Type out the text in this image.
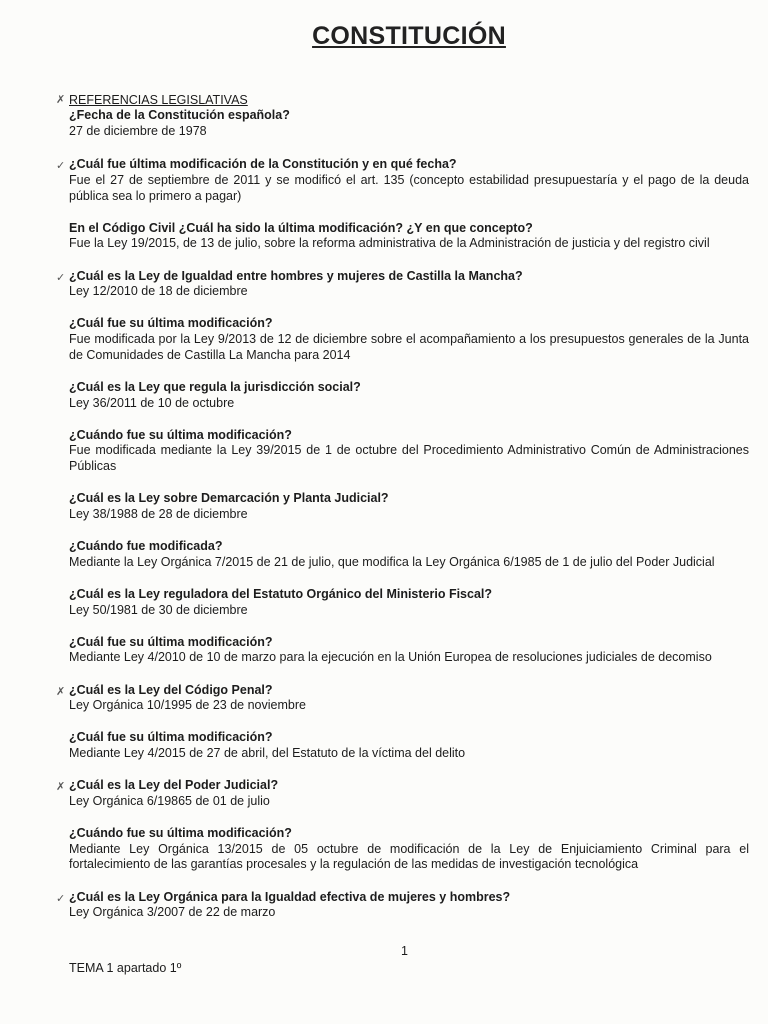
CONSTITUCIÓN
✗ REFERENCIAS LEGISLATIVAS
¿Fecha de la Constitución española?
27 de diciembre de 1978
✓ ¿Cuál fue última modificación de la Constitución y en qué fecha?
Fue el 27 de septiembre de 2011 y se modificó el art. 135 (concepto estabilidad presupuestaría y el pago de la deuda pública sea lo primero a pagar)
En el Código Civil ¿Cuál ha sido la última modificación? ¿Y en que concepto?
Fue la Ley 19/2015, de 13 de julio, sobre la reforma administrativa de la Administración de justicia y del registro civil
✓ ¿Cuál es la Ley de Igualdad entre hombres y mujeres de Castilla la Mancha?
Ley 12/2010 de 18 de diciembre
¿Cuál fue su última modificación?
Fue modificada por la Ley 9/2013 de 12 de diciembre sobre el acompañamiento a los presupuestos generales de la Junta de Comunidades de Castilla La Mancha para 2014
¿Cuál es la Ley que regula la jurisdicción social?
Ley 36/2011 de 10 de octubre
¿Cuándo fue su última modificación?
Fue modificada mediante la Ley 39/2015 de 1 de octubre del Procedimiento Administrativo Común de Administraciones Públicas
¿Cuál es la Ley sobre Demarcación y Planta Judicial?
Ley 38/1988 de 28 de diciembre
¿Cuándo fue modificada?
Mediante la Ley Orgánica 7/2015 de 21 de julio, que modifica la Ley Orgánica 6/1985 de 1 de julio del Poder Judicial
¿Cuál es la Ley reguladora del Estatuto Orgánico del Ministerio Fiscal?
Ley 50/1981 de 30 de diciembre
¿Cuál fue su última modificación?
Mediante Ley 4/2010 de 10 de marzo para la ejecución en la Unión Europea de resoluciones judiciales de decomiso
✗ ¿Cuál es la Ley del Código Penal?
Ley Orgánica 10/1995 de 23 de noviembre
¿Cuál fue su última modificación?
Mediante Ley 4/2015 de 27 de abril, del Estatuto de la víctima del delito
✗ ¿Cuál es la Ley del Poder Judicial?
Ley Orgánica 6/19865 de 01 de julio
¿Cuándo fue su última modificación?
Mediante Ley Orgánica 13/2015 de 05 octubre de modificación de la Ley de Enjuiciamiento Criminal para el fortalecimiento de las garantías procesales y la regulación de las medidas de investigación tecnológica
✓ ¿Cuál es la Ley Orgánica para la Igualdad efectiva de mujeres y hombres?
Ley Orgánica 3/2007 de 22 de marzo
1
TEMA 1 apartado 1º
